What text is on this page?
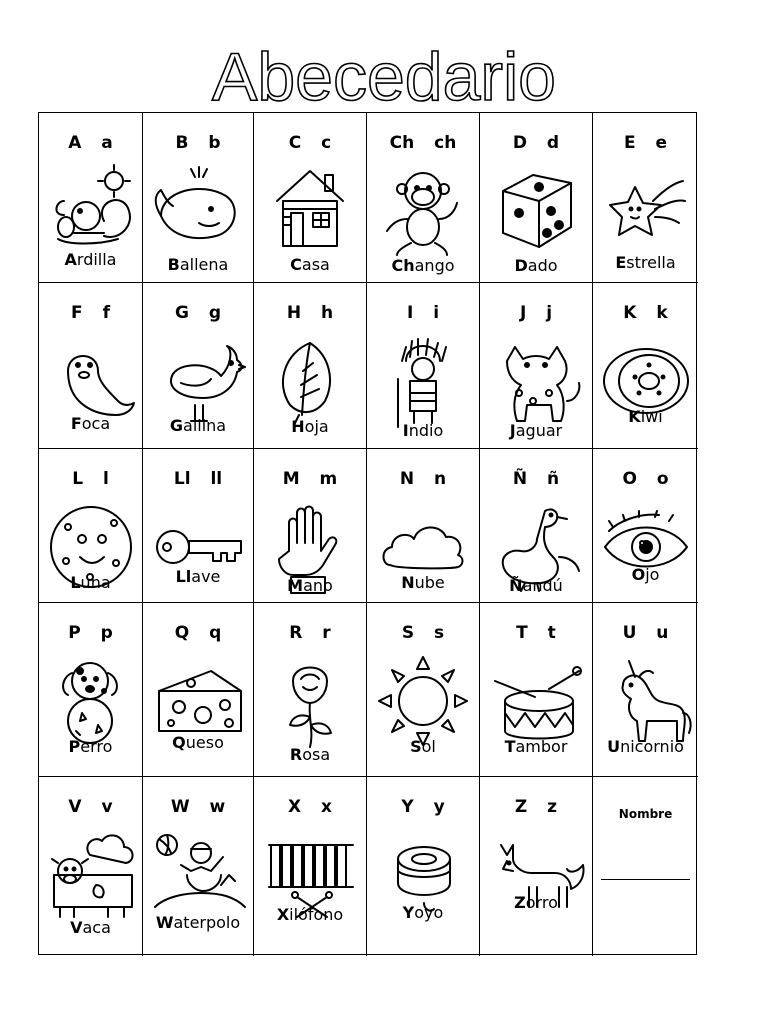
Abecedario
A a
Ardilla
B b
Ballena
C c
Casa
Ch ch
Chango
D d
Dado
E e
Estrella
F f
Foca
G g
Gallina
H h
Hoja
I i
Indio
J j
Jaguar
K k
Kiwi
L l
Luna
Ll ll
Llave
M m
Mano
N n
Nube
Ñ ñ
Ñandú
O o
Ojo
P p
Perro
Q q
Queso
R r
Rosa
S s
Sol
T t
Tambor
U u
Unicornio
V v
Vaca
W w
Waterpolo
X x
Xilófono
Y y
Yoyo
Z z
Zorro
Nombre
